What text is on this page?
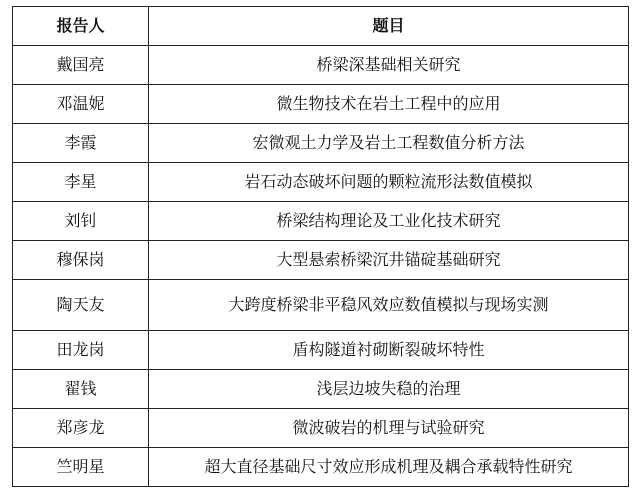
报告人	题目
戴国亮	桥梁深基础相关研究
邓温妮	微生物技术在岩土工程中的应用
李霞	宏微观土力学及岩土工程数值分析方法
李星	岩石动态破坏问题的颗粒流形法数值模拟
刘钊	桥梁结构理论及工业化技术研究
穆保岗	大型悬索桥梁沉井锚碇基础研究
陶天友	大跨度桥梁非平稳风效应数值模拟与现场实测
田龙岗	盾构隧道衬砌断裂破坏特性
翟钱	浅层边坡失稳的治理
郑彦龙	微波破岩的机理与试验研究
竺明星	超大直径基础尺寸效应形成机理及耦合承载特性研究
